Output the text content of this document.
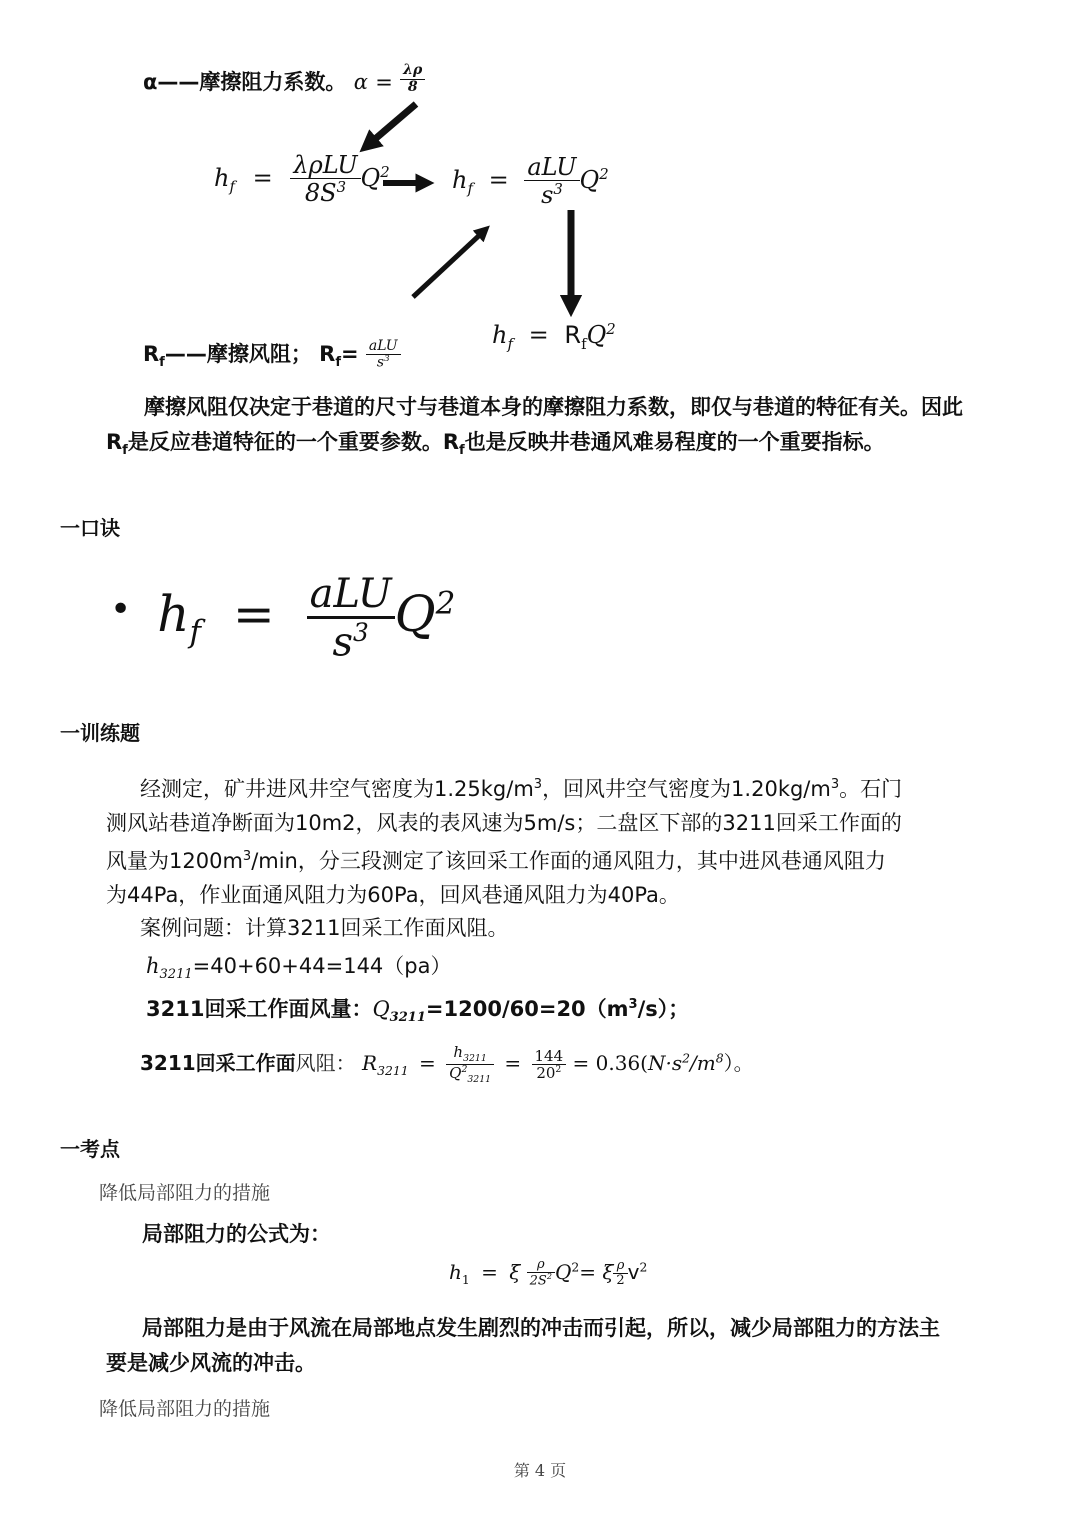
α——摩擦阻力系数。 $\alpha = \frac{\lambda\rho}{8}$
$h_f = \frac{\text{λρLU}}{8S^3} Q^2$	$h_f = \frac{\text{aLU}}{s^3} Q^2$
$h_f = R_fQ^2$
$R_f——$摩擦风阻； $R_f= \frac{\text{aLU}}{s^3}$
摩擦风阻仅决定于巷道的尺寸与巷道本身的摩擦阻力系数，即仅与巷道的特征有关。因此$R_f$是反应巷道特征的一个重要参数。$R_f$也是反映井巷通风难易程度的一个重要指标。
一口诀
• $h_f = \frac{\text{aLU}}{s^3} Q^2$
一训练题
经测定，矿井进风井空气密度为$1.25kg/m^3$，回风井空气密度为$1.20kg/m^3$。石门测风站巷道净断面为10m2，风表的表风速为5m/s；二盘区下部的3211回采工作面的风量为$1200m^3/\min$，分三段测定了该回采工作面的通风阻力，其中进风巷通风阻力为44Pa，作业面通风阻力为60Pa，回风巷通风阻力为40Pa。
案例问题：计算3211回采工作面风阻。
$h_{3211}=40+60+44=144(pa)$
3211回采工作面风量：$Q_{3211}=1200/60=20(m^3/s)$；
3211回采工作面风阻： $R_{3211} = \frac{h_{3211}}{Q^2_{3211}} = \frac{144}{20^2} = 0.36(N\cdot s^2/m^8)$。
一考点
降低局部阻力的措施
局部阻力的公式为：
$h_1 = \xi \frac{\rho}{2S^2} Q^2= \xi \frac{\rho}{2} v^2$
局部阻力是由于风流在局部地点发生剧烈的冲击而引起，所以，减少局部阻力的方法主要是减少风流的冲击。
降低局部阻力的措施
第 4 页
